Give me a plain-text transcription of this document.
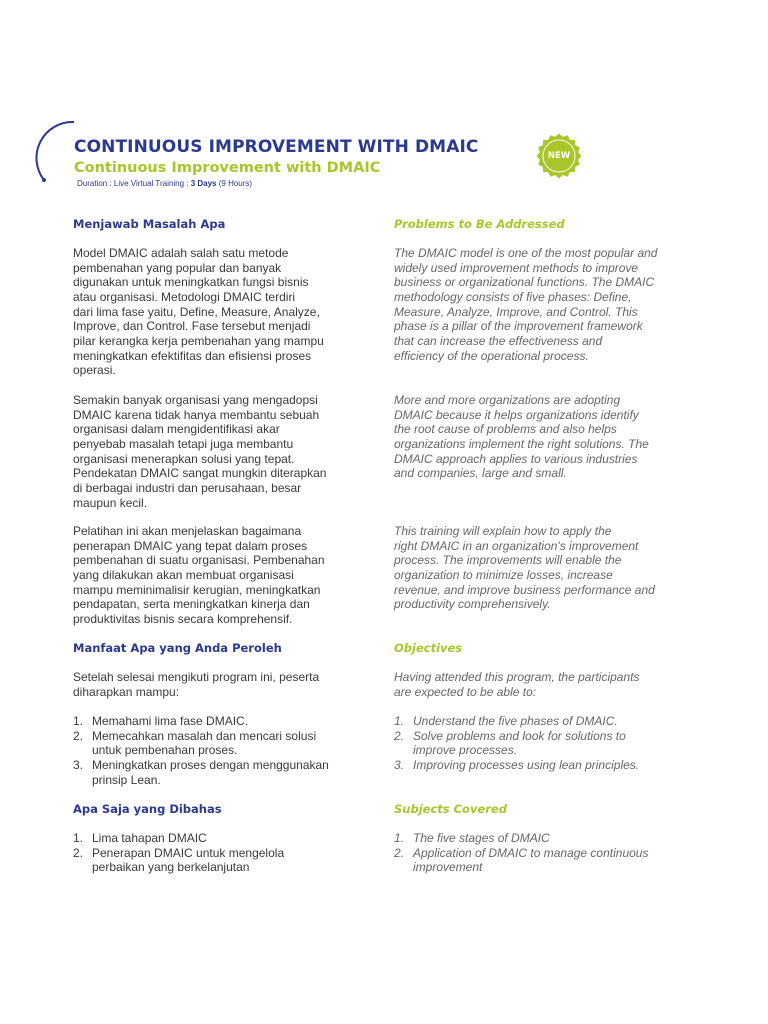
CONTINUOUS IMPROVEMENT WITH DMAIC
Continuous Improvement with DMAIC
Duration : Live Virtual Training : 3 Days (9 Hours)
NEW
Menjawab Masalah Apa

Model DMAIC adalah salah satu metode
pembenahan yang popular dan banyak
digunakan untuk meningkatkan fungsi bisnis
atau organisasi. Metodologi DMAIC terdiri
dari lima fase yaitu, Define, Measure, Analyze,
Improve, dan Control. Fase tersebut menjadi
pilar kerangka kerja pembenahan yang mampu
meningkatkan efektifitas dan efisiensi proses
operasi.

Semakin banyak organisasi yang mengadopsi
DMAIC karena tidak hanya membantu sebuah
organisasi dalam mengidentifikasi akar
penyebab masalah tetapi juga membantu
organisasi menerapkan solusi yang tepat.
Pendekatan DMAIC sangat mungkin diterapkan
di berbagai industri dan perusahaan, besar
maupun kecil.

Pelatihan ini akan menjelaskan bagaimana
penerapan DMAIC yang tepat dalam proses
pembenahan di suatu organisasi. Pembenahan
yang dilakukan akan membuat organisasi
mampu meminimalisir kerugian, meningkatkan
pendapatan, serta meningkatkan kinerja dan
produktivitas bisnis secara komprehensif.

Manfaat Apa yang Anda Peroleh

Setelah selesai mengikuti program ini, peserta
diharapkan mampu:

1. Memahami lima fase DMAIC.
2. Memecahkan masalah dan mencari solusi
untuk pembenahan proses.
3. Meningkatkan proses dengan menggunakan
prinsip Lean.
Apa Saja yang Dibahas
1. Lima tahapan DMAIC
2. Penerapan DMAIC untuk mengelola
perbaikan yang berkelanjutan
Problems to Be Addressed

The DMAIC model is one of the most popular and
widely used improvement methods to improve
business or organizational functions. The DMAIC
methodology consists of five phases: Define,
Measure, Analyze, Improve, and Control. This
phase is a pillar of the improvement framework
that can increase the effectiveness and
efficiency of the operational process.

More and more organizations are adopting
DMAIC because it helps organizations identify
the root cause of problems and also helps
organizations implement the right solutions. The
DMAIC approach applies to various industries
and companies, large and small.

This training will explain how to apply the
right DMAIC in an organization's improvement
process. The improvements will enable the
organization to minimize losses, increase
revenue, and improve business performance and
productivity comprehensively.

Objectives

Having attended this program, the participants
are expected to be able to:

1. Understand the five phases of DMAIC.
2. Solve problems and look for solutions to
improve processes.
3. Improving processes using lean principles.
Subjects Covered
1. The five stages of DMAIC
2. Application of DMAIC to manage continuous
improvement
